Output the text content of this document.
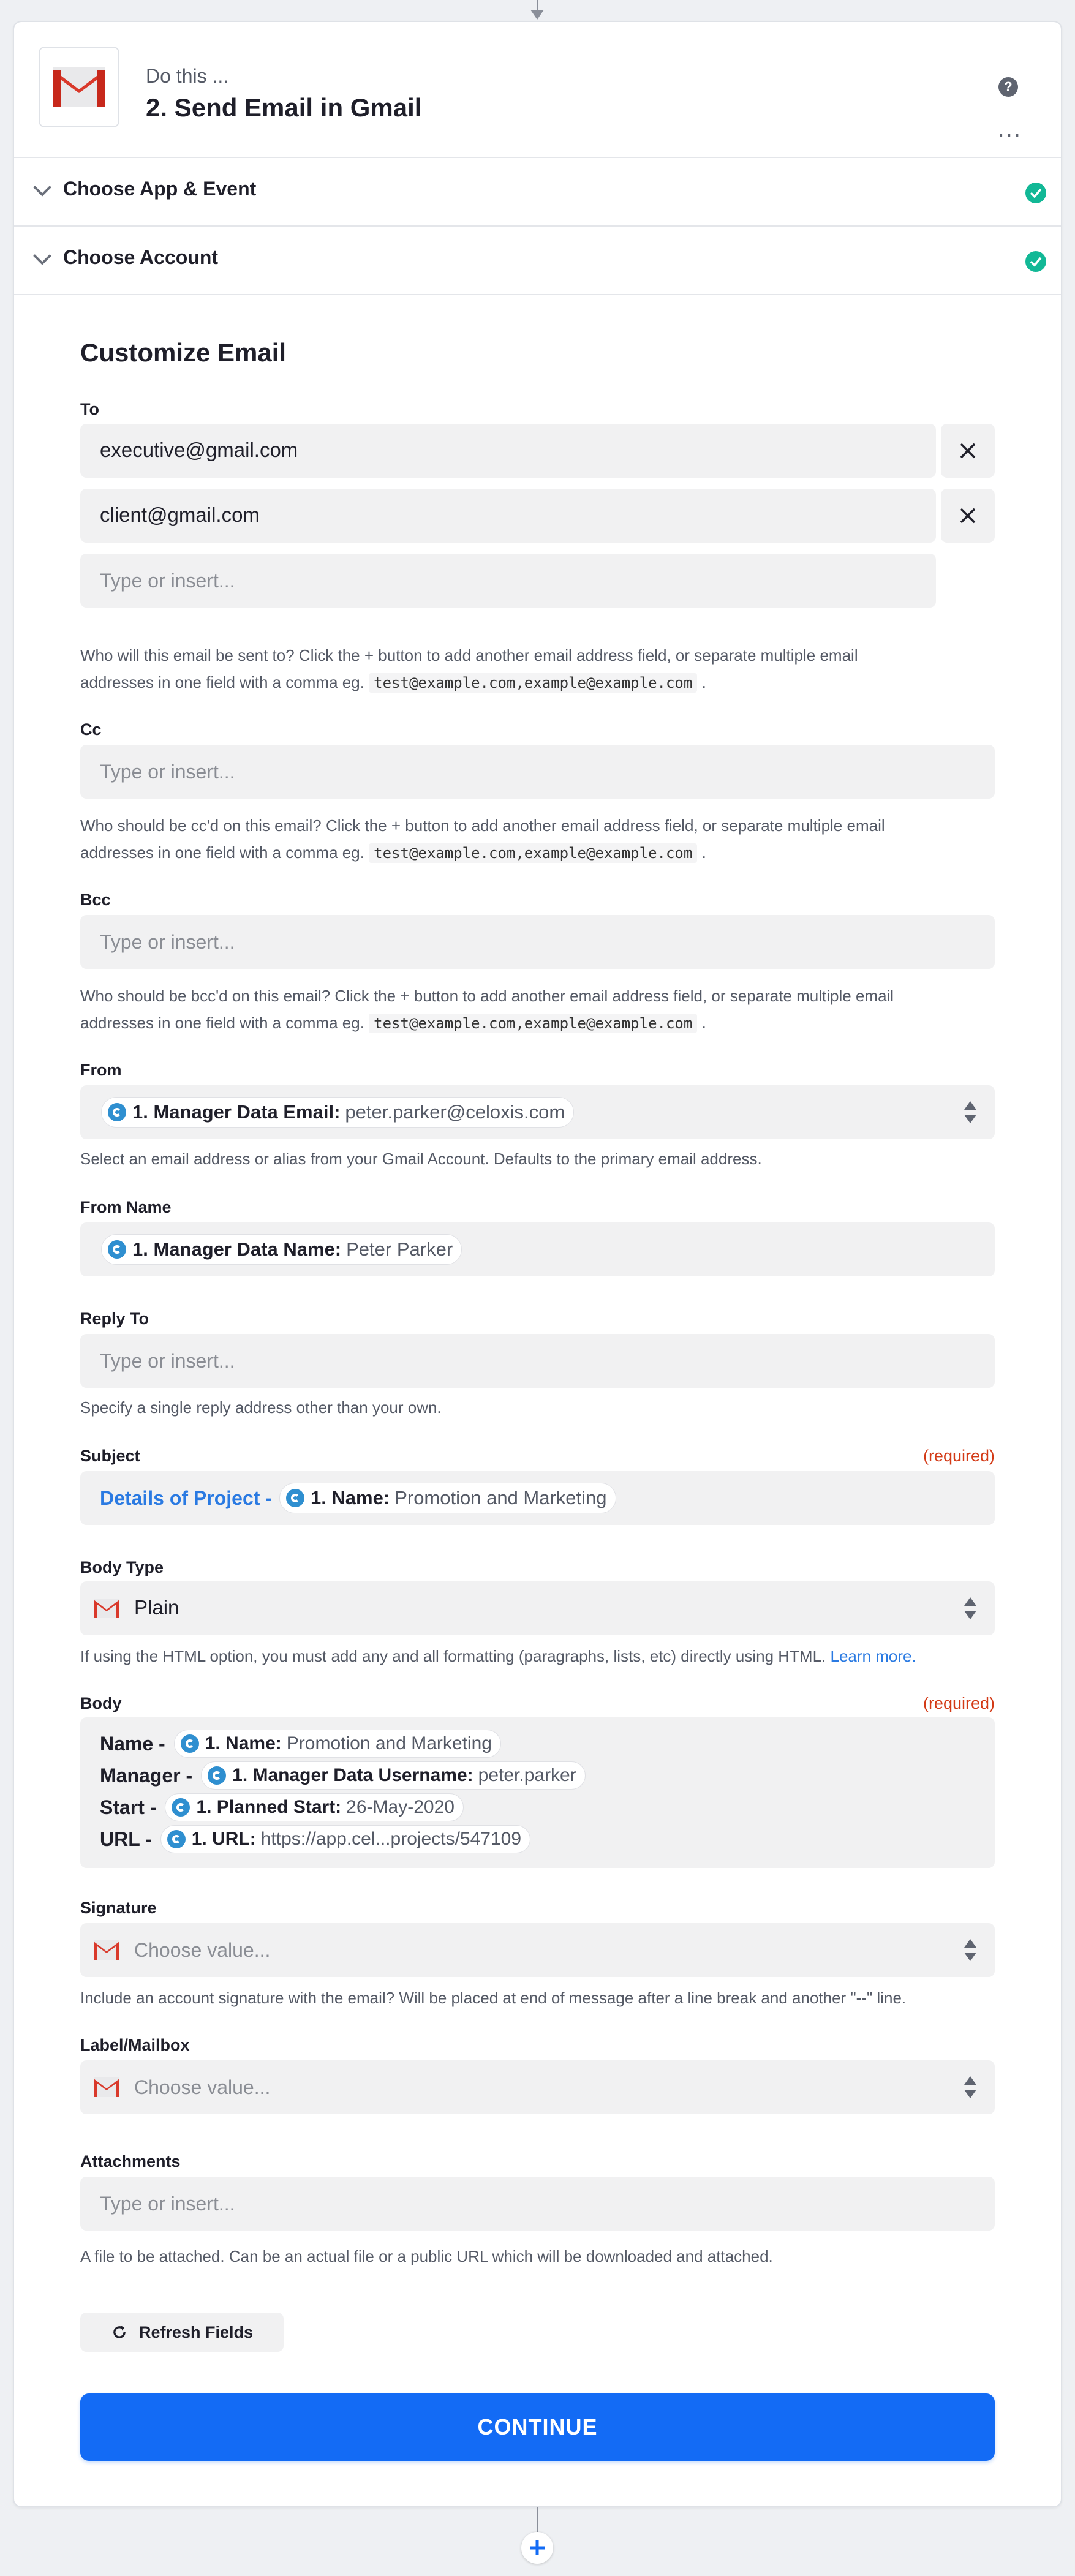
Do this ...
2. Send Email in Gmail
?
...
Choose App & Event
Choose Account
Customize Email
To
executive@gmail.com
client@gmail.com
Type or insert...
Who will this email be sent to? Click the + button to add another email address field, or separate multiple email
addresses in one field with a comma eg. test@example.com,example@example.com .
Cc
Type or insert...
Who should be cc'd on this email? Click the + button to add another email address field, or separate multiple email
addresses in one field with a comma eg. test@example.com,example@example.com .
Bcc
Type or insert...
Who should be bcc'd on this email? Click the + button to add another email address field, or separate multiple email
addresses in one field with a comma eg. test@example.com,example@example.com .
From
1. Manager Data Email: peter.parker@celoxis.com
Select an email address or alias from your Gmail Account. Defaults to the primary email address.
From Name
1. Manager Data Name: Peter Parker
Reply To
Type or insert...
Specify a single reply address other than your own.
Subject	(required)
Details of Project - 1. Name: Promotion and Marketing
Body Type
Plain
If using the HTML option, you must add any and all formatting (paragraphs, lists, etc) directly using HTML. Learn more.
Body	(required)
Name - 1. Name: Promotion and Marketing
Manager - 1. Manager Data Username: peter.parker
Start - 1. Planned Start: 26-May-2020
URL - 1. URL: https://app.cel...projects/547109
Signature
Choose value...
Include an account signature with the email? Will be placed at end of message after a line break and another "--" line.
Label/Mailbox
Choose value...
Attachments
Type or insert...
A file to be attached. Can be an actual file or a public URL which will be downloaded and attached.
Refresh Fields
CONTINUE
